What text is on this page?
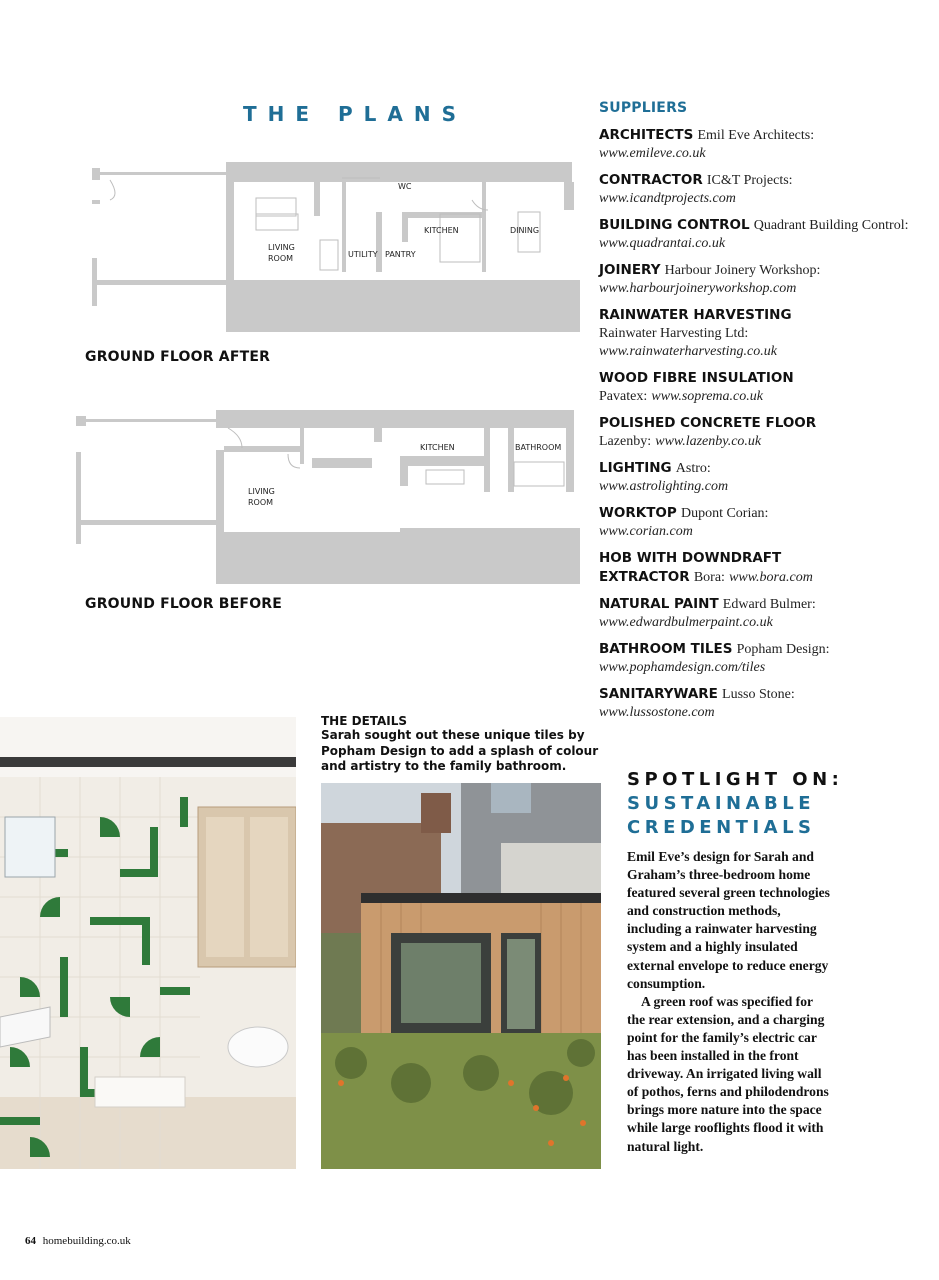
THE PLANS
WC
LIVING
ROOM	UTILITY PANTRY
KITCHEN	DINING
GROUND FLOOR AFTER
KITCHEN	BATHROOM
LIVING
ROOM
GROUND FLOOR BEFORE
SUPPLIERS
ARCHITECTS Emil Eve Architects:
www.emileve.co.uk
CONTRACTOR IC&T Projects:
www.icandtprojects.com
BUILDING CONTROL Quadrant Building Control: www.quadrantai.co.uk
JOINERY Harbour Joinery Workshop:
www.harbourjoineryworkshop.com
RAINWATER HARVESTING
Rainwater Harvesting Ltd:
www.rainwaterharvesting.co.uk
WOOD FIBRE INSULATION
Pavatex: www.soprema.co.uk
POLISHED CONCRETE FLOOR
Lazenby: www.lazenby.co.uk
LIGHTING Astro:
www.astrolighting.com
WORKTOP Dupont Corian:
www.corian.com
HOB WITH DOWNDRAFT EXTRACTOR Bora: www.bora.com
NATURAL PAINT Edward Bulmer:
www.edwardbulmerpaint.co.uk
BATHROOM TILES Popham Design:
www.pophamdesign.com/tiles
SANITARYWARE Lusso Stone:
www.lussostone.com
THE DETAILS
Sarah sought out these unique tiles by Popham Design to add a splash of colour and artistry to the family bathroom.
SPOTLIGHT ON:
SUSTAINABLE
CREDENTIALS

Emil Eve’s design for Sarah and Graham’s three-bedroom home featured several green technologies and construction methods, including a rainwater harvesting system and a highly insulated external envelope to reduce energy consumption.

A green roof was specified for the rear extension, and a charging point for the family’s electric car has been installed in the front driveway. An irrigated living wall of pothos, ferns and philodendrons brings more nature into the space while large rooflights flood it with natural light.

64 homebuilding.co.uk
